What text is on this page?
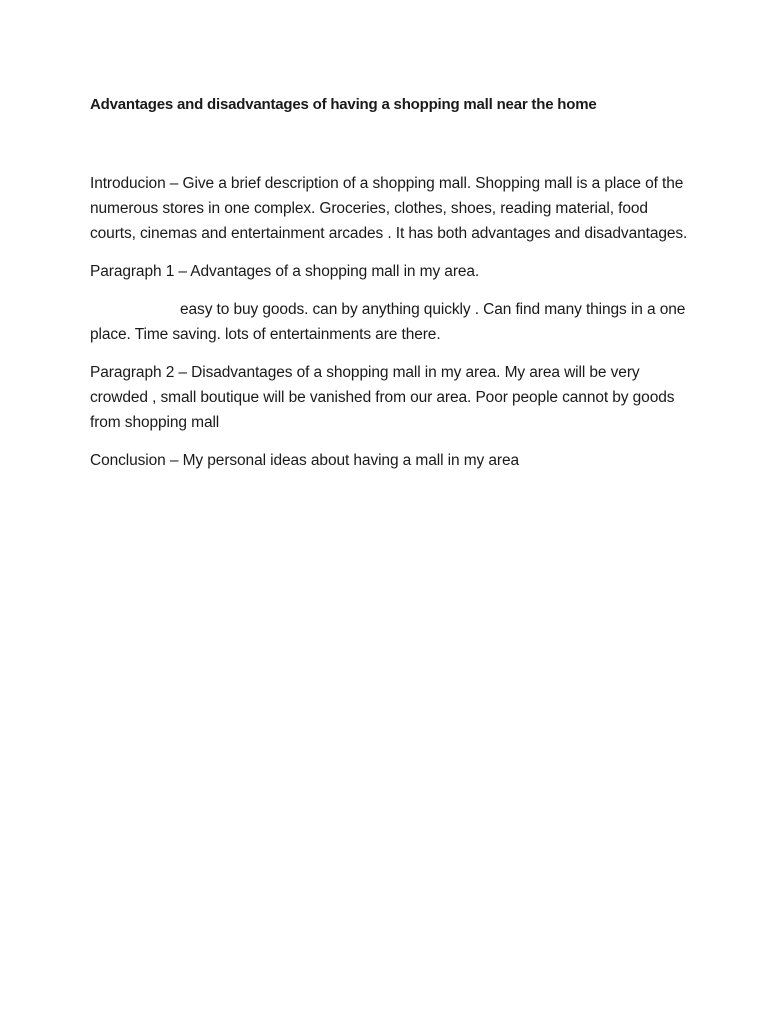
Advantages and disadvantages of having a shopping mall near the home

Introducion – Give a brief description of a shopping mall. Shopping mall is a place of the numerous stores in one complex. Groceries, clothes, shoes, reading material, food courts, cinemas and entertainment arcades . It has both advantages and disadvantages.

Paragraph 1 – Advantages of a shopping mall in my area.

easy to buy goods. can by anything quickly . Can find many things in a one place. Time saving. lots of entertainments are there.

Paragraph 2 – Disadvantages of a shopping mall in my area. My area will be very crowded , small boutique will be vanished from our area. Poor people cannot by goods from shopping mall

Conclusion – My personal ideas about having a mall in my area
